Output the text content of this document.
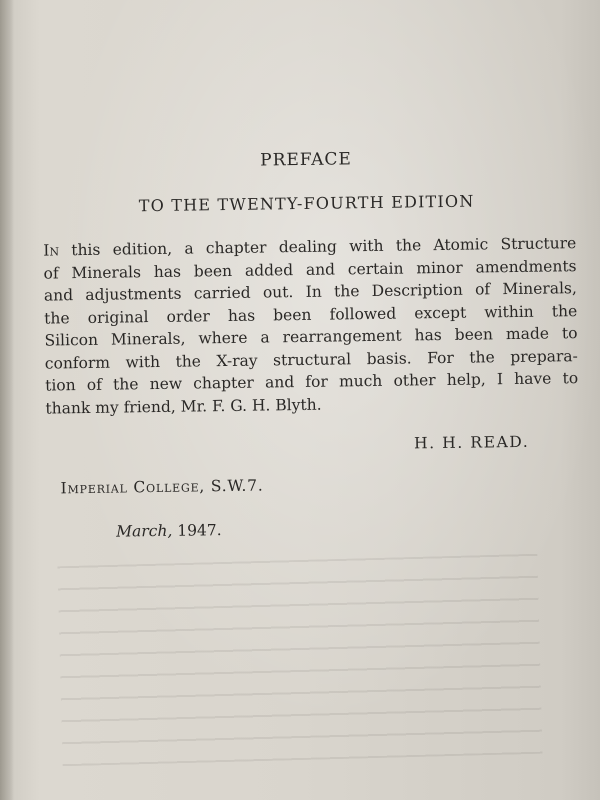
PREFACE
TO THE TWENTY-FOURTH EDITION
In this edition, a chapter dealing with the Atomic Structure
of Minerals has been added and certain minor amendments
and adjustments carried out. In the Description of Minerals,
the original order has been followed except within the
Silicon Minerals, where a rearrangement has been made to
conform with the X-ray structural basis. For the prepara-
tion of the new chapter and for much other help, I have to
thank my friend, Mr. F. G. H. Blyth.
H. H. READ.
Imperial College, S.W.7.
March, 1947.
